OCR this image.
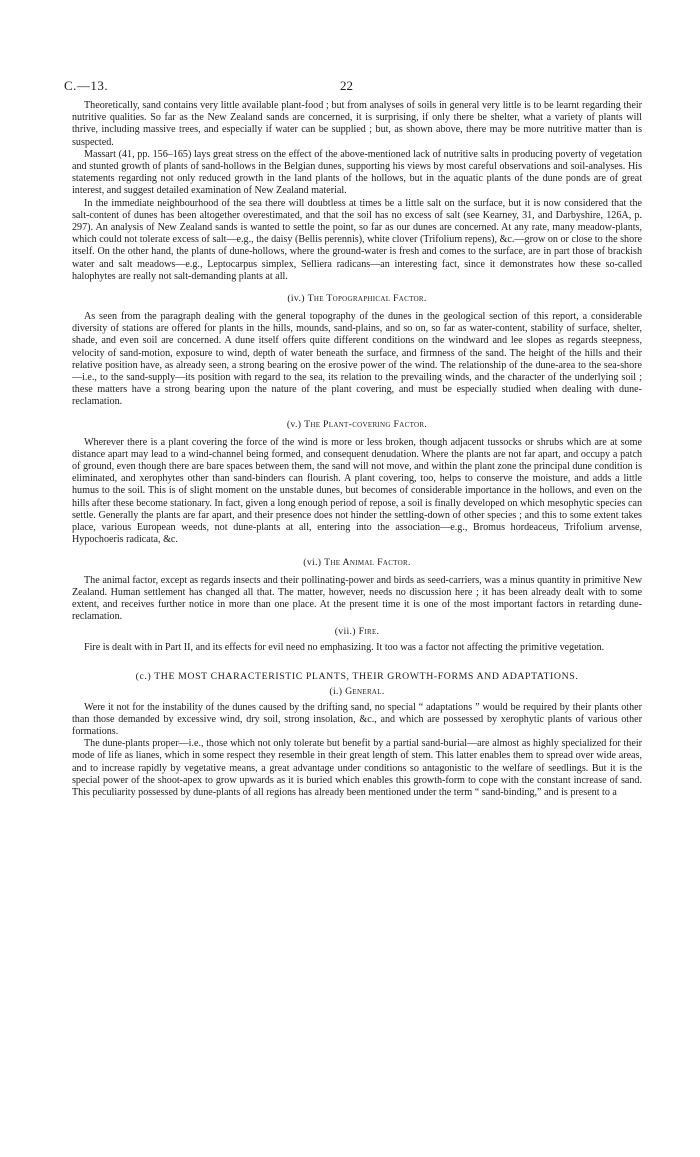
C.—13.	22

Theoretically, sand contains very little available plant-food ; but from analyses of soils in general very little is to be learnt regarding their nutritive qualities. So far as the New Zealand sands are concerned, it is surprising, if only there be shelter, what a variety of plants will thrive, including massive trees, and especially if water can be supplied ; but, as shown above, there may be more nutritive matter than is suspected.

Massart (41, pp. 156–165) lays great stress on the effect of the above-mentioned lack of nutritive salts in producing poverty of vegetation and stunted growth of plants of sand-hollows in the Belgian dunes, supporting his views by most careful observations and soil-analyses. His statements regarding not only reduced growth in the land plants of the hollows, but in the aquatic plants of the dune ponds are of great interest, and suggest detailed examination of New Zealand material.

In the immediate neighbourhood of the sea there will doubtless at times be a little salt on the surface, but it is now considered that the salt-content of dunes has been altogether overestimated, and that the soil has no excess of salt (see Kearney, 31, and Darbyshire, 126A, p. 297). An analysis of New Zealand sands is wanted to settle the point, so far as our dunes are concerned. At any rate, many meadow-plants, which could not tolerate excess of salt—e.g., the daisy (Bellis perennis), white clover (Trifolium repens), &c.—grow on or close to the shore itself. On the other hand, the plants of dune-hollows, where the ground-water is fresh and comes to the surface, are in part those of brackish water and salt meadows—e.g., Leptocarpus simplex, Selliera radicans—an interesting fact, since it demonstrates how these so-called halophytes are really not salt-demanding plants at all.

(iv.) The Topographical Factor.

As seen from the paragraph dealing with the general topography of the dunes in the geological section of this report, a considerable diversity of stations are offered for plants in the hills, mounds, sand-plains, and so on, so far as water-content, stability of surface, shelter, shade, and even soil are concerned. A dune itself offers quite different conditions on the windward and lee slopes as regards steepness, velocity of sand-motion, exposure to wind, depth of water beneath the surface, and firmness of the sand. The height of the hills and their relative position have, as already seen, a strong bearing on the erosive power of the wind. The relationship of the dune-area to the sea-shore—i.e., to the sand-supply—its position with regard to the sea, its relation to the prevailing winds, and the character of the underlying soil ; these matters have a strong bearing upon the nature of the plant covering, and must be especially studied when dealing with dune-reclamation.

(v.) The Plant-covering Factor.

Wherever there is a plant covering the force of the wind is more or less broken, though adjacent tussocks or shrubs which are at some distance apart may lead to a wind-channel being formed, and consequent denudation. Where the plants are not far apart, and occupy a patch of ground, even though there are bare spaces between them, the sand will not move, and within the plant zone the principal dune condition is eliminated, and xerophytes other than sand-binders can flourish. A plant covering, too, helps to conserve the moisture, and adds a little humus to the soil. This is of slight moment on the unstable dunes, but becomes of considerable importance in the hollows, and even on the hills after these become stationary. In fact, given a long enough period of repose, a soil is finally developed on which mesophytic species can settle. Generally the plants are far apart, and their presence does not hinder the settling-down of other species ; and this to some extent takes place, various European weeds, not dune-plants at all, entering into the association—e.g., Bromus hordeaceus, Trifolium arvense, Hypochoeris radicata, &c.

(vi.) The Animal Factor.

The animal factor, except as regards insects and their pollinating-power and birds as seed-carriers, was a minus quantity in primitive New Zealand. Human settlement has changed all that. The matter, however, needs no discussion here ; it has been already dealt with to some extent, and receives further notice in more than one place. At the present time it is one of the most important factors in retarding dune-reclamation.

(vii.) Fire.

Fire is dealt with in Part II, and its effects for evil need no emphasizing. It too was a factor not affecting the primitive vegetation.

(c.) THE MOST CHARACTERISTIC PLANTS, THEIR GROWTH-FORMS AND ADAPTATIONS.
(i.) General.

Were it not for the instability of the dunes caused by the drifting sand, no special “ adaptations ” would be required by their plants other than those demanded by excessive wind, dry soil, strong insolation, &c., and which are possessed by xerophytic plants of various other formations.

The dune-plants proper—i.e., those which not only tolerate but benefit by a partial sand-burial—are almost as highly specialized for their mode of life as lianes, which in some respect they resemble in their great length of stem. This latter enables them to spread over wide areas, and to increase rapidly by vegetative means, a great advantage under conditions so antagonistic to the welfare of seedlings. But it is the special power of the shoot-apex to grow upwards as it is buried which enables this growth-form to cope with the constant increase of sand. This peculiarity possessed by dune-plants of all regions has already been mentioned under the term “ sand-binding,” and is present to a
